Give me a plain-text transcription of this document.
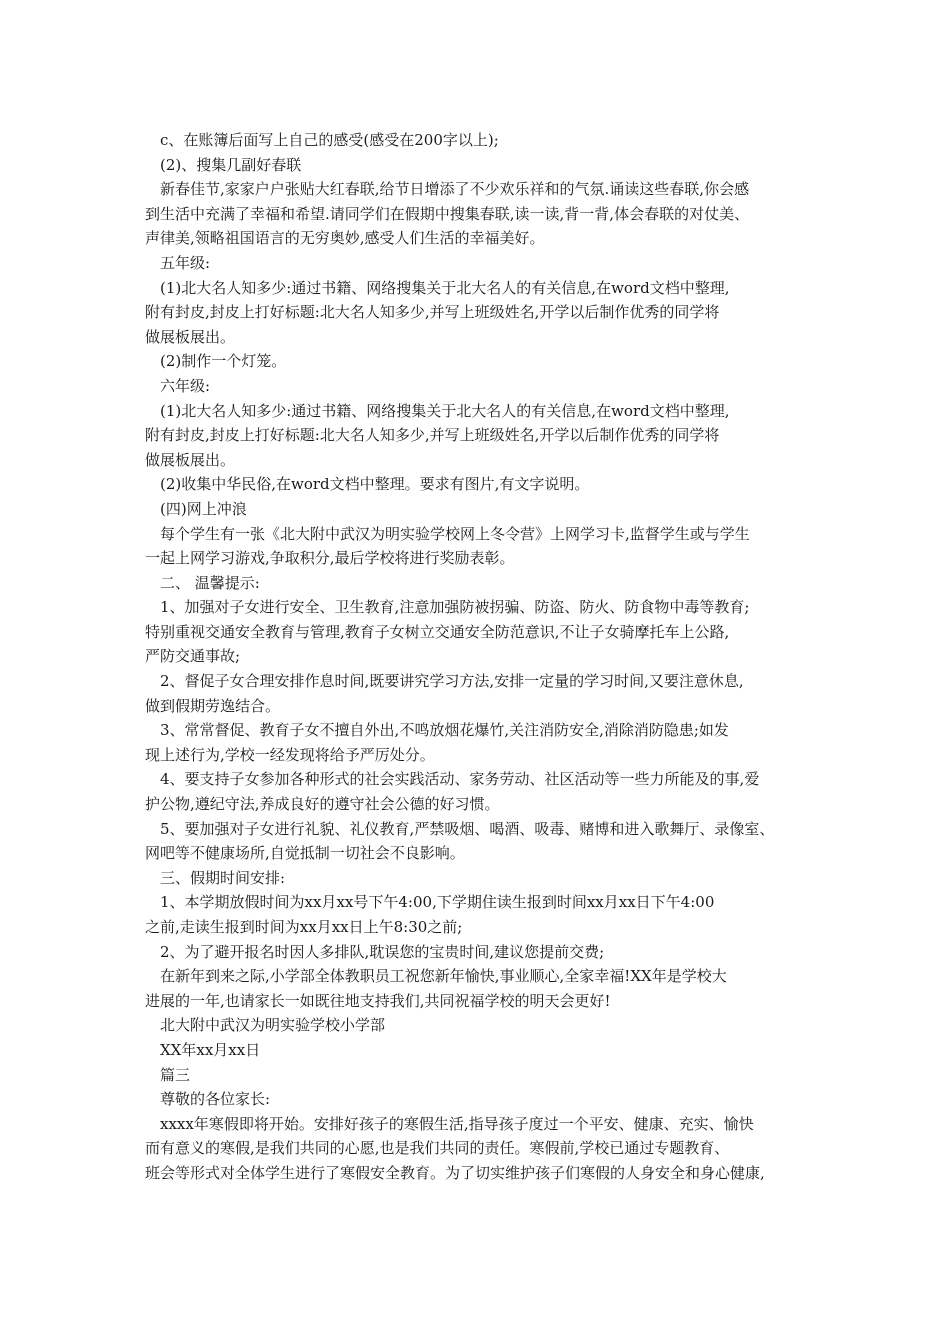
c、在账簿后面写上自己的感受(感受在200字以上);
(2)、搜集几副好春联
新春佳节,家家户户张贴大红春联,给节日增添了不少欢乐祥和的气氛.诵读这些春联,你会感
到生活中充满了幸福和希望.请同学们在假期中搜集春联,读一读,背一背,体会春联的对仗美、
声律美,领略祖国语言的无穷奥妙,感受人们生活的幸福美好。
五年级:
(1)北大名人知多少:通过书籍、网络搜集关于北大名人的有关信息,在word文档中整理,
附有封皮,封皮上打好标题:北大名人知多少,并写上班级姓名,开学以后制作优秀的同学将
做展板展出。
(2)制作一个灯笼。
六年级:
(1)北大名人知多少:通过书籍、网络搜集关于北大名人的有关信息,在word文档中整理,
附有封皮,封皮上打好标题:北大名人知多少,并写上班级姓名,开学以后制作优秀的同学将
做展板展出。
(2)收集中华民俗,在word文档中整理。要求有图片,有文字说明。
(四)网上冲浪
每个学生有一张《北大附中武汉为明实验学校网上冬令营》上网学习卡,监督学生或与学生
一起上网学习游戏,争取积分,最后学校将进行奖励表彰。
二、 温馨提示:
1、加强对子女进行安全、卫生教育,注意加强防被拐骗、防盗、防火、防食物中毒等教育;
特别重视交通安全教育与管理,教育子女树立交通安全防范意识,不让子女骑摩托车上公路,
严防交通事故;
2、督促子女合理安排作息时间,既要讲究学习方法,安排一定量的学习时间,又要注意休息,
做到假期劳逸结合。
3、常常督促、教育子女不擅自外出,不鸣放烟花爆竹,关注消防安全,消除消防隐患;如发
现上述行为,学校一经发现将给予严厉处分。
4、要支持子女参加各种形式的社会实践活动、家务劳动、社区活动等一些力所能及的事,爱
护公物,遵纪守法,养成良好的遵守社会公德的好习惯。
5、要加强对子女进行礼貌、礼仪教育,严禁吸烟、喝酒、吸毒、赌博和进入歌舞厅、录像室、
网吧等不健康场所,自觉抵制一切社会不良影响。
三、假期时间安排:
1、本学期放假时间为xx月xx号下午4:00,下学期住读生报到时间xx月xx日下午4:00
之前,走读生报到时间为xx月xx日上午8:30之前;
2、为了避开报名时因人多排队,耽误您的宝贵时间,建议您提前交费;
在新年到来之际,小学部全体教职员工祝您新年愉快,事业顺心,全家幸福!XX年是学校大
进展的一年,也请家长一如既往地支持我们,共同祝福学校的明天会更好!
北大附中武汉为明实验学校小学部
XX年xx月xx日
篇三
尊敬的各位家长:
xxxx年寒假即将开始。安排好孩子的寒假生活,指导孩子度过一个平安、健康、充实、愉快
而有意义的寒假,是我们共同的心愿,也是我们共同的责任。寒假前,学校已通过专题教育、
班会等形式对全体学生进行了寒假安全教育。为了切实维护孩子们寒假的人身安全和身心健康,
